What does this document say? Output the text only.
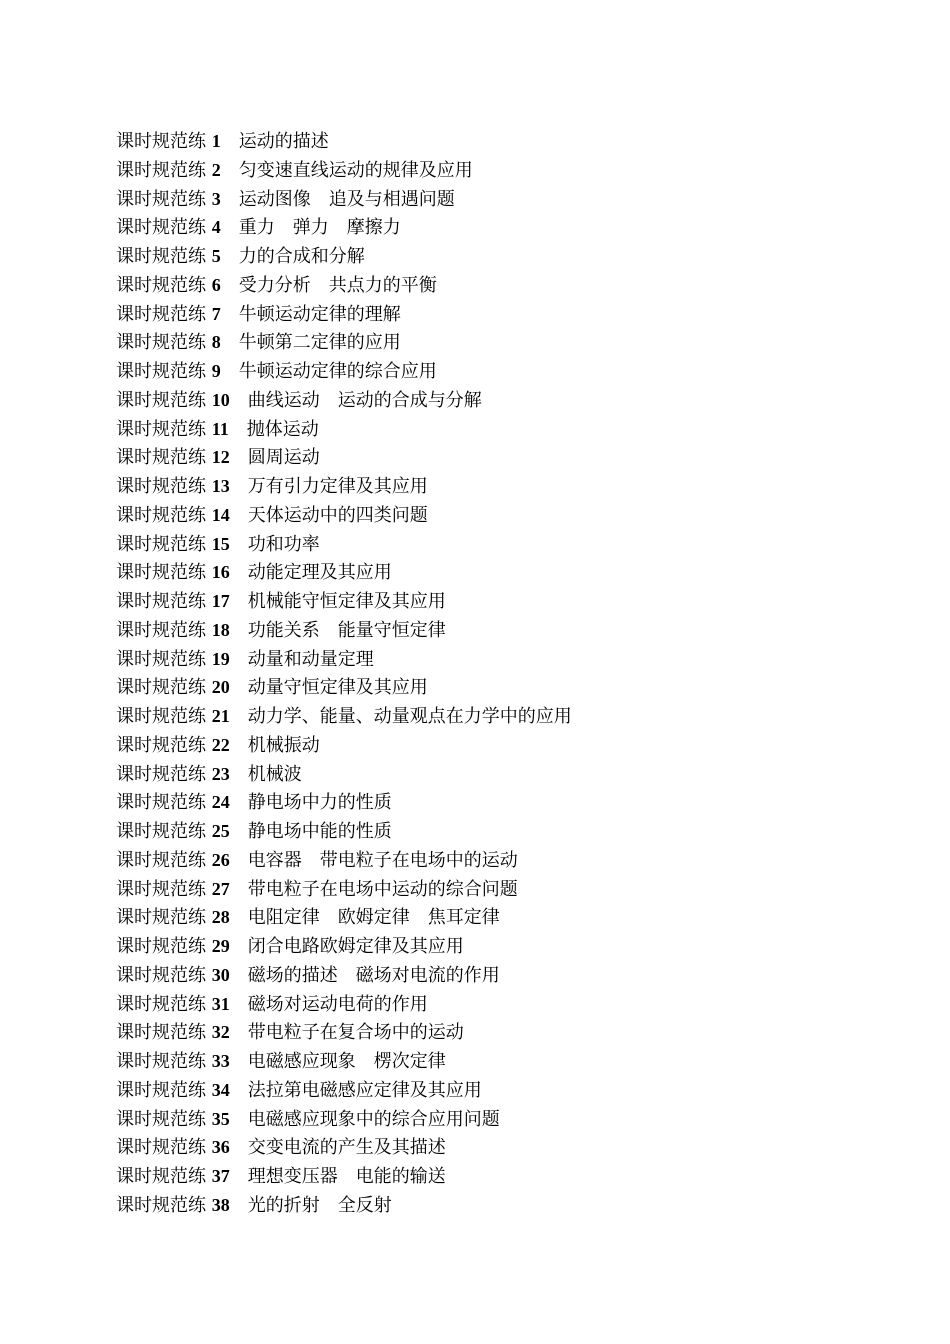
课时规范练 1　 运动的描述
课时规范练 2　 匀变速直线运动的规律及应用
课时规范练 3　 运动图像　追及与相遇问题
课时规范练 4　 重力　弹力　摩擦力
课时规范练 5　 力的合成和分解
课时规范练 6　 受力分析　共点力的平衡
课时规范练 7　 牛顿运动定律的理解
课时规范练 8　 牛顿第二定律的应用
课时规范练 9　 牛顿运动定律的综合应用
课时规范练 10　 曲线运动　运动的合成与分解
课时规范练 11　 抛体运动
课时规范练 12　 圆周运动
课时规范练 13　 万有引力定律及其应用
课时规范练 14　 天体运动中的四类问题
课时规范练 15　 功和功率
课时规范练 16　 动能定理及其应用
课时规范练 17　 机械能守恒定律及其应用
课时规范练 18　 功能关系　能量守恒定律
课时规范练 19　 动量和动量定理
课时规范练 20　 动量守恒定律及其应用
课时规范练 21　 动力学、能量、动量观点在力学中的应用
课时规范练 22　 机械振动
课时规范练 23　 机械波
课时规范练 24　 静电场中力的性质
课时规范练 25　 静电场中能的性质
课时规范练 26　 电容器　带电粒子在电场中的运动
课时规范练 27　 带电粒子在电场中运动的综合问题
课时规范练 28　 电阻定律　欧姆定律　焦耳定律
课时规范练 29　 闭合电路欧姆定律及其应用
课时规范练 30　 磁场的描述　磁场对电流的作用
课时规范练 31　 磁场对运动电荷的作用
课时规范练 32　 带电粒子在复合场中的运动
课时规范练 33　 电磁感应现象　楞次定律
课时规范练 34　 法拉第电磁感应定律及其应用
课时规范练 35　 电磁感应现象中的综合应用问题
课时规范练 36　 交变电流的产生及其描述
课时规范练 37　 理想变压器　电能的输送
课时规范练 38　 光的折射　全反射
